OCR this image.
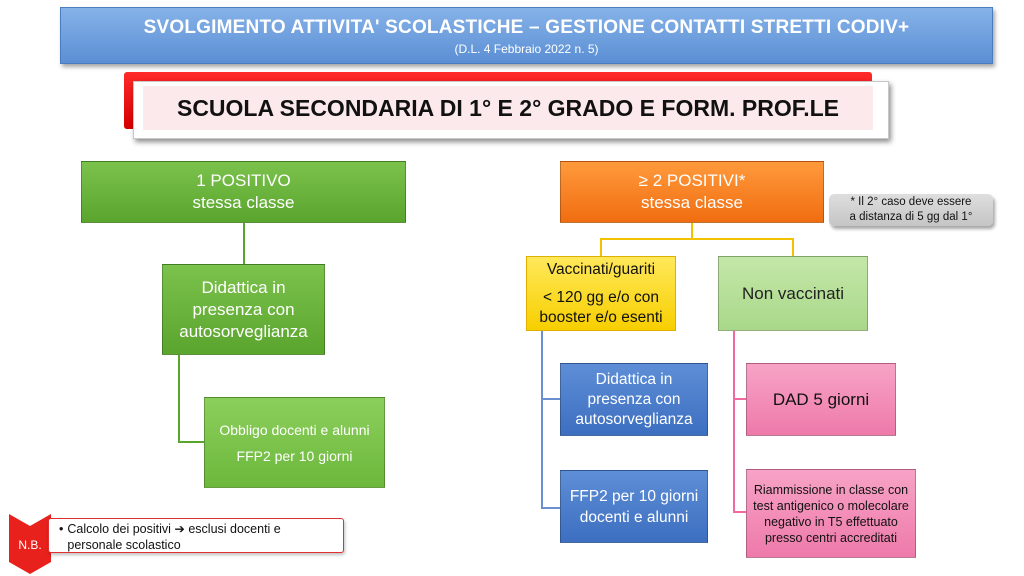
SVOLGIMENTO ATTIVITA' SCOLASTICHE – GESTIONE CONTATTI STRETTI CODIV+
(D.L. 4 Febbraio 2022 n. 5)
SCUOLA SECONDARIA DI 1° E 2° GRADO E FORM. PROF.LE
1 POSITIVO
stessa classe
Didattica in presenza con autosorveglianza
Obbligo docenti e alunni
FFP2 per 10 giorni
≥ 2 POSITIVI*
stessa classe	* Il 2° caso deve essere
a distanza di 5 gg dal 1°
Vaccinati/guariti
< 120 gg e/o con booster e/o esenti
Didattica in presenza con autosorveglianza
FFP2 per 10 giorni docenti e alunni
Non vaccinati
DAD 5 giorni
Riammissione in classe con test antigenico o molecolare negativo in T5 effettuato presso centri accreditati
N.B.
• Calcolo dei positivi ➔ esclusi docenti e personale scolastico
